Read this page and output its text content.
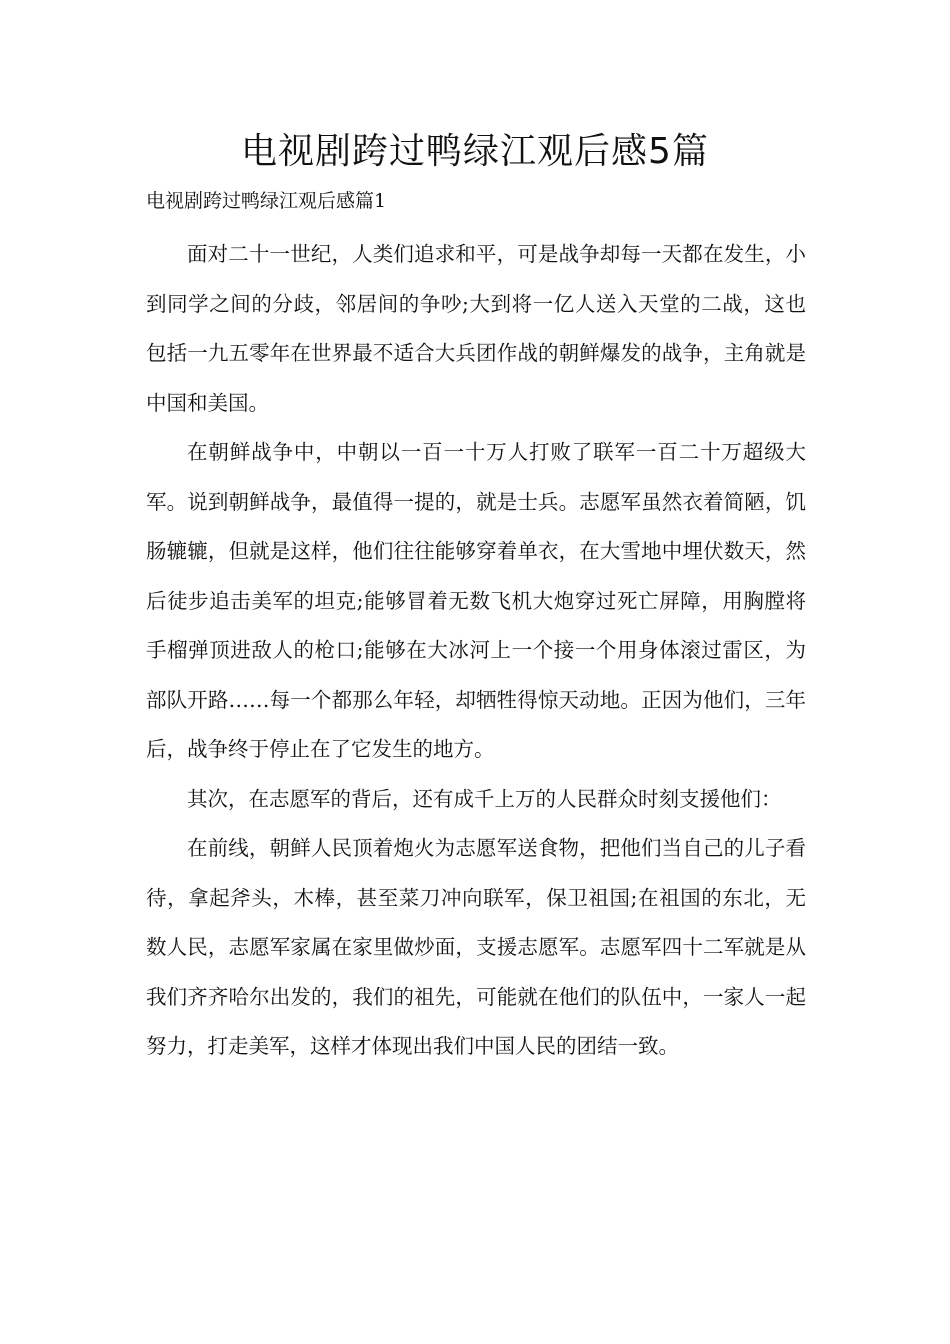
电视剧跨过鸭绿江观后感5篇
电视剧跨过鸭绿江观后感篇1

面对二十一世纪，人类们追求和平，可是战争却每一天都在发生，小到同学之间的分歧，邻居间的争吵;大到将一亿人送入天堂的二战，这也包括一九五零年在世界最不适合大兵团作战的朝鲜爆发的战争，主角就是中国和美国。

在朝鲜战争中，中朝以一百一十万人打败了联军一百二十万超级大军。说到朝鲜战争，最值得一提的，就是士兵。志愿军虽然衣着简陋，饥肠辘辘，但就是这样，他们往往能够穿着单衣，在大雪地中埋伏数天，然后徒步追击美军的坦克;能够冒着无数飞机大炮穿过死亡屏障，用胸膛将手榴弹顶进敌人的枪口;能够在大冰河上一个接一个用身体滚过雷区，为部队开路……每一个都那么年轻，却牺牲得惊天动地。正因为他们，三年后，战争终于停止在了它发生的地方。

其次，在志愿军的背后，还有成千上万的人民群众时刻支援他们：

在前线，朝鲜人民顶着炮火为志愿军送食物，把他们当自己的儿子看待，拿起斧头，木棒，甚至菜刀冲向联军，保卫祖国;在祖国的东北，无数人民，志愿军家属在家里做炒面，支援志愿军。志愿军四十二军就是从我们齐齐哈尔出发的，我们的祖先，可能就在他们的队伍中，一家人一起努力，打走美军，这样才体现出我们中国人民的团结一致。
